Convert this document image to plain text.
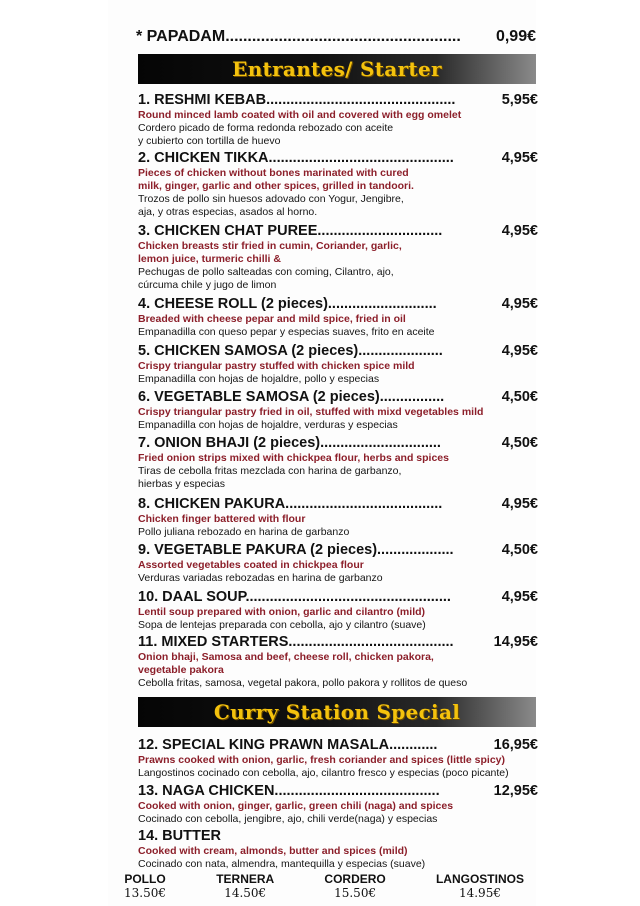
* PAPADAM..................................................... 0,99€
Entrantes/ Starter
Curry Station Special
1. RESHMI KEBAB...............................................	5,95€
Round minced lamb coated with oil and covered with egg omelet
Cordero picado de forma redonda rebozado con aceite
y cubierto con tortilla de huevo
2. CHICKEN TIKKA..............................................	4,95€
Pieces of chicken without bones marinated with cured
milk, ginger, garlic and other spices, grilled in tandoori.
Trozos de pollo sin huesos adovado con Yogur, Jengibre,
aja, y otras especias, asados al horno.
3. CHICKEN CHAT PUREE...............................	4,95€
Chicken breasts stir fried in cumin, Coriander, garlic,
lemon juice, turmeric chilli &
Pechugas de pollo salteadas con coming, Cilantro, ajo,
cúrcuma chile y jugo de limon
4. CHEESE ROLL (2 pieces)...........................	4,95€
Breaded with cheese pepar and mild spice, fried in oil
Empanadilla con queso pepar y especias suaves, frito en aceite
5. CHICKEN SAMOSA (2 pieces).....................	4,95€
Crispy triangular pastry stuffed with chicken spice mild
Empanadilla con hojas de hojaldre, pollo y especias
6. VEGETABLE SAMOSA (2 pieces)................	4,50€
Crispy triangular pastry fried in oil, stuffed with mixd vegetables mild
Empanadilla con hojas de hojaldre, verduras y especias
7. ONION BHAJI (2 pieces)..............................	4,50€
Fried onion strips mixed with chickpea flour, herbs and spices
Tiras de cebolla fritas mezclada con harina de garbanzo,
hierbas y especias
8. CHICKEN PAKURA.......................................	4,95€
Chicken finger battered with flour
Pollo juliana rebozado en harina de garbanzo
9. VEGETABLE PAKURA (2 pieces)...................	4,50€
Assorted vegetables coated in chickpea flour
Verduras variadas rebozadas en harina de garbanzo
10. DAAL SOUP...................................................	4,95€
Lentil soup prepared with onion, garlic and cilantro (mild)
Sopa de lentejas preparada con cebolla, ajo y cilantro (suave)
11. MIXED STARTERS.........................................	14,95€
Onion bhaji, Samosa and beef, cheese roll, chicken pakora,
vegetable pakora
Cebolla fritas, samosa, vegetal pakora, pollo pakora y rollitos de queso
12. SPECIAL KING PRAWN MASALA............	16,95€
Prawns cooked with onion, garlic, fresh coriander and spices (little spicy)
Langostinos cocinado con cebolla, ajo, cilantro fresco y especias (poco picante)
13. NAGA CHICKEN.........................................	12,95€
Cooked with onion, ginger, garlic, green chili (naga) and spices
Cocinado con cebolla, jengibre, ajo, chili verde(naga) y especias
14. BUTTER
Cooked with cream, almonds, butter and spices (mild)
Cocinado con nata, almendra, mantequilla y especias (suave)
POLLO
13.50€
TERNERA
14.50€
CORDERO
15.50€
LANGOSTINOS
14.95€
